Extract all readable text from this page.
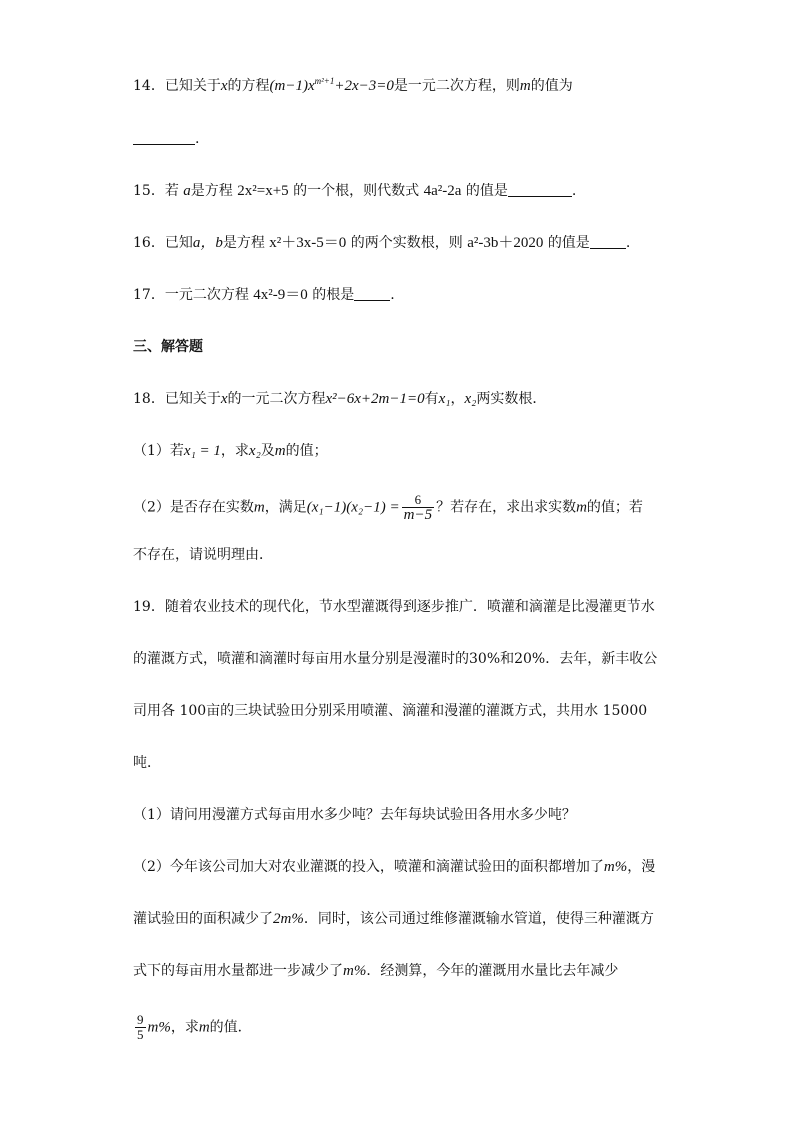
14．已知关于x的方程$(m-1)x^{m^2+1}+2x-3=0$是一元二次方程，则m的值为
.
15．若 a是方程 2x²=x+5 的一个根，则代数式 4a²-2a 的值是	.
16．已知a，b是方程 x²＋3x-5＝0 的两个实数根，则 a²-3b＋2020 的值是	.
17．一元二次方程 4x²-9＝0 的根是	.
三、解答题
18．已知关于x的一元二次方程x²−6x+2m−1=0有x₁，x₂两实数根．
（1）若x₁ = 1，求x₂及m的值；
（2）是否存在实数m，满足$(x_1-1)(x_2-1) = \frac{6}{m-5}$ ？若存在，求出求实数m的值；若
不存在，请说明理由．
19．随着农业技术的现代化，节水型灌溉得到逐步推广．喷灌和滴灌是比漫灌更节水
的灌溉方式，喷灌和滴灌时每亩用水量分别是漫灌时的30%和20%．去年，新丰收公
司用各 100亩的三块试验田分别采用喷灌、滴灌和漫灌的灌溉方式，共用水 15000
吨．
（1）请问用漫灌方式每亩用水多少吨？去年每块试验田各用水多少吨？
（2）今年该公司加大对农业灌溉的投入，喷灌和滴灌试验田的面积都增加了m%，漫
灌试验田的面积减少了2m%．同时，该公司通过维修灌溉输水管道，使得三种灌溉方
式下的每亩用水量都进一步减少了m%．经测算，今年的灌溉用水量比去年减少
$\frac{9}{5} m\%$，求m的值．
